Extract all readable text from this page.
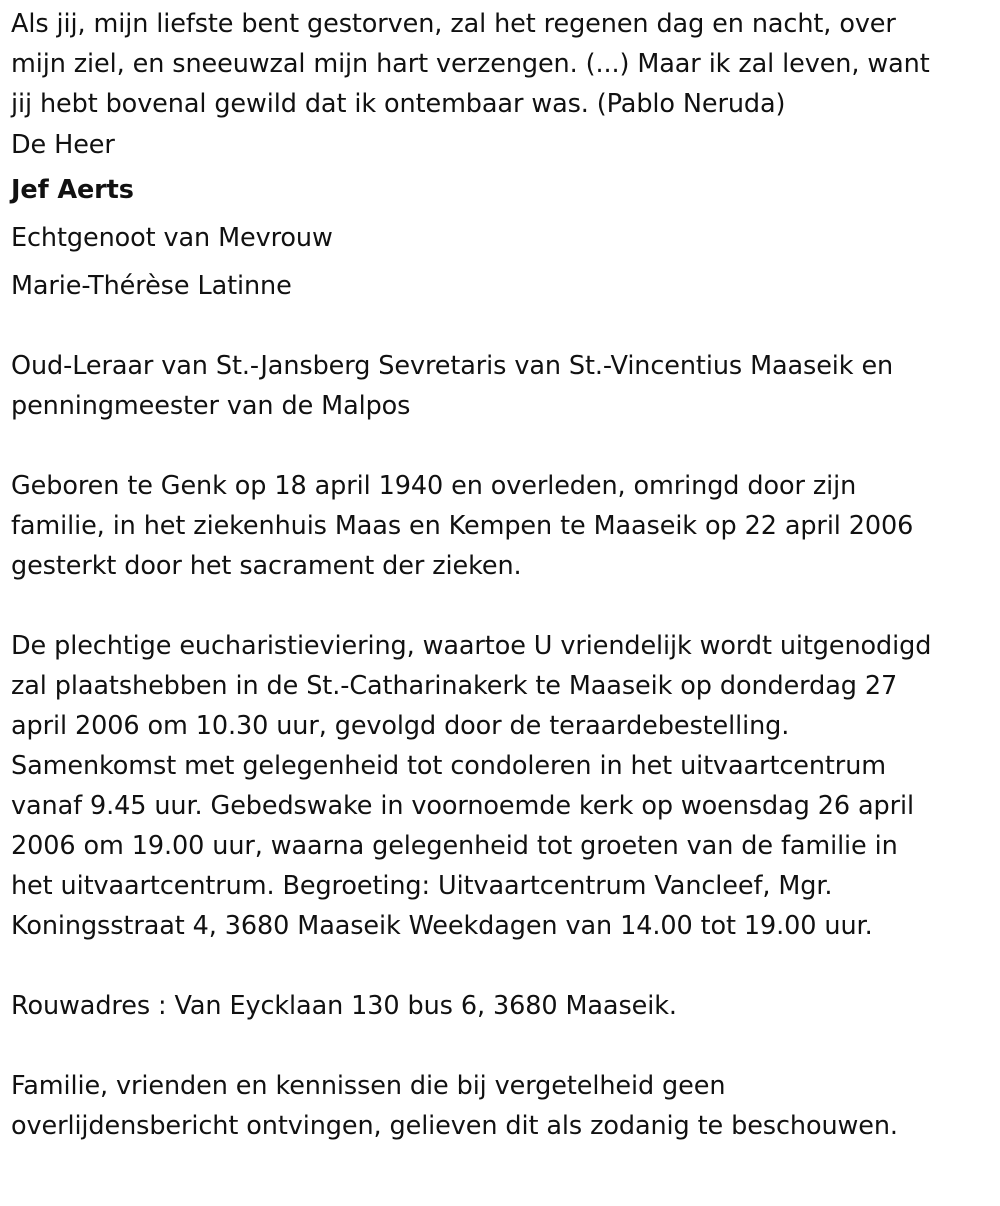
Als jij, mijn liefste bent gestorven, zal het regenen dag en nacht, over
mijn ziel, en sneeuwzal mijn hart verzengen. (...) Maar ik zal leven, want
jij hebt bovenal gewild dat ik ontembaar was. (Pablo Neruda)

De Heer

Jef Aerts

Echtgenoot van Mevrouw

Marie-Thérèse Latinne

Oud-Leraar van St.-Jansberg Sevretaris van St.-Vincentius Maaseik en
penningmeester van de Malpos

Geboren te Genk op 18 april 1940 en overleden, omringd door zijn
familie, in het ziekenhuis Maas en Kempen te Maaseik op 22 april 2006
gesterkt door het sacrament der zieken.

De plechtige eucharistieviering, waartoe U vriendelijk wordt uitgenodigd
zal plaatshebben in de St.-Catharinakerk te Maaseik op donderdag 27
april 2006 om 10.30 uur, gevolgd door de teraardebestelling.
Samenkomst met gelegenheid tot condoleren in het uitvaartcentrum
vanaf 9.45 uur. Gebedswake in voornoemde kerk op woensdag 26 april
2006 om 19.00 uur, waarna gelegenheid tot groeten van de familie in
het uitvaartcentrum. Begroeting: Uitvaartcentrum Vancleef, Mgr.
Koningsstraat 4, 3680 Maaseik Weekdagen van 14.00 tot 19.00 uur.

Rouwadres : Van Eycklaan 130 bus 6, 3680 Maaseik.

Familie, vrienden en kennissen die bij vergetelheid geen
overlijdensbericht ontvingen, gelieven dit als zodanig te beschouwen.
